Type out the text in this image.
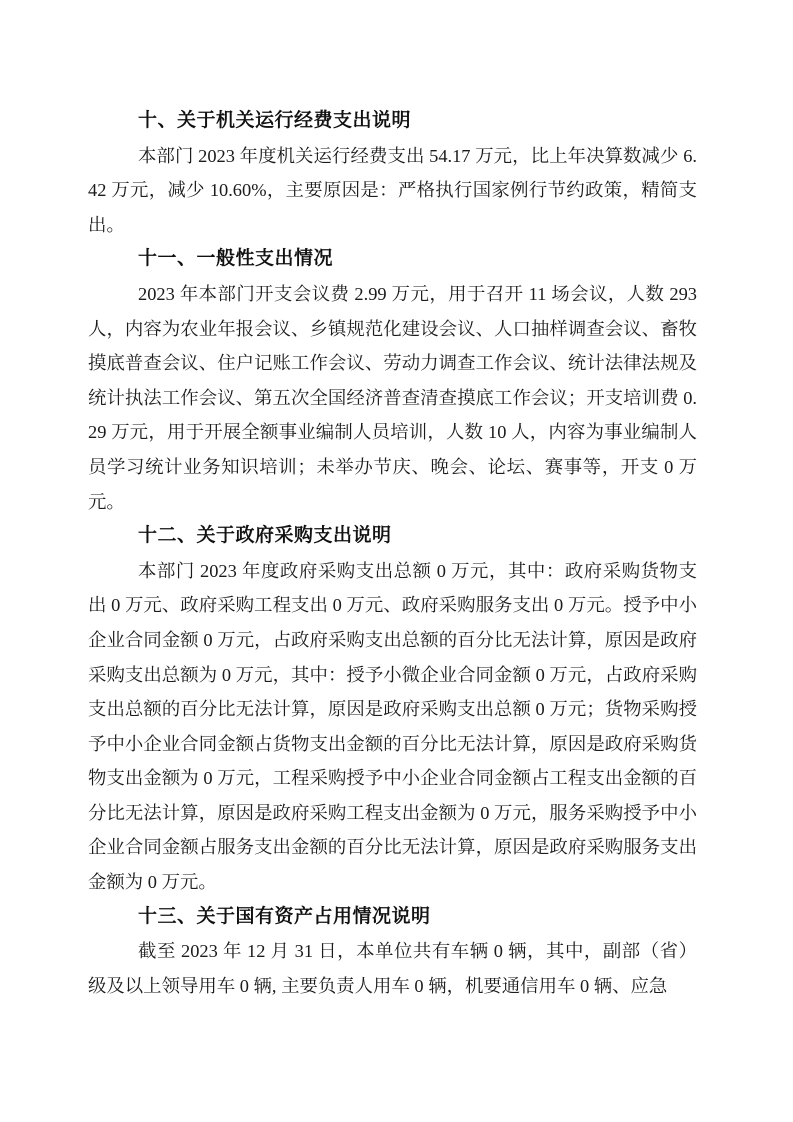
十、关于机关运行经费支出说明

本部门 2023 年度机关运行经费支出 54.17 万元，比上年决算数减少 6.42 万元，减少 10.60%，主要原因是：严格执行国家例行节约政策，精简支出。

十一、一般性支出情况

2023 年本部门开支会议费 2.99 万元，用于召开 11 场会议，人数 293 人，内容为农业年报会议、乡镇规范化建设会议、人口抽样调查会议、畜牧摸底普查会议、住户记账工作会议、劳动力调查工作会议、统计法律法规及统计执法工作会议、第五次全国经济普查清查摸底工作会议；开支培训费 0.29 万元，用于开展全额事业编制人员培训，人数 10 人，内容为事业编制人员学习统计业务知识培训；未举办节庆、晚会、论坛、赛事等，开支 0 万元。

十二、关于政府采购支出说明

本部门 2023 年度政府采购支出总额 0 万元，其中：政府采购货物支出 0 万元、政府采购工程支出 0 万元、政府采购服务支出 0 万元。授予中小企业合同金额 0 万元，占政府采购支出总额的百分比无法计算，原因是政府采购支出总额为 0 万元，其中：授予小微企业合同金额 0 万元，占政府采购支出总额的百分比无法计算，原因是政府采购支出总额 0 万元；货物采购授予中小企业合同金额占货物支出金额的百分比无法计算，原因是政府采购货物支出金额为 0 万元，工程采购授予中小企业合同金额占工程支出金额的百分比无法计算，原因是政府采购工程支出金额为 0 万元，服务采购授予中小企业合同金额占服务支出金额的百分比无法计算，原因是政府采购服务支出金额为 0 万元。

十三、关于国有资产占用情况说明

截至 2023 年 12 月 31 日，本单位共有车辆 0 辆，其中，副部（省）级及以上领导用车 0 辆, 主要负责人用车 0 辆，机要通信用车 0 辆、应急
